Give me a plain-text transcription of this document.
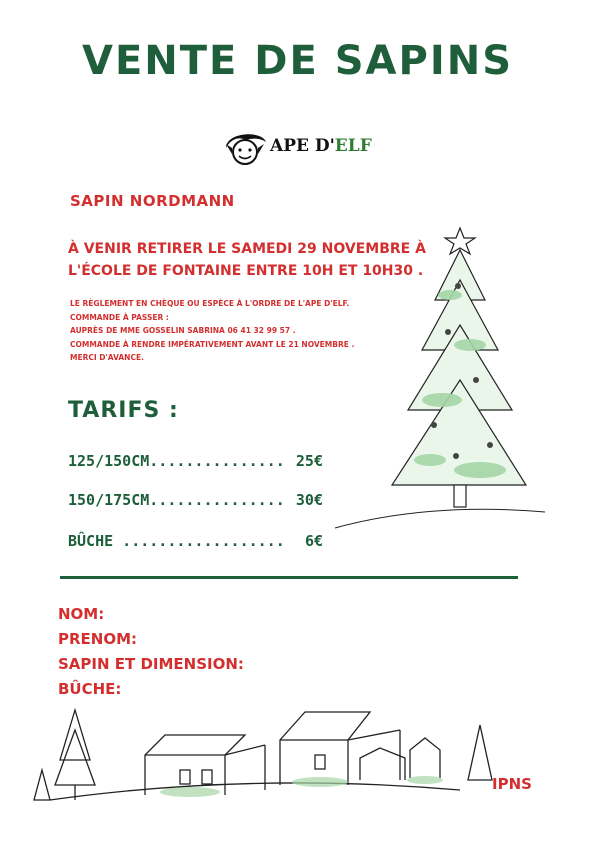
VENTE DE SAPINS
APE D'ELF
SAPIN NORDMANN
À VENIR RETIRER LE SAMEDI 29 NOVEMBRE À L'ÉCOLE DE FONTAINE ENTRE 10H ET 10H30 .
LE RÈGLEMENT EN CHÈQUE OU ESPÈCE À L'ORDRE DE L'APE D'ELF.
COMMANDE À PASSER :
AUPRÈS DE MME GOSSELIN SABRINA 06 41 32 99 57 .
COMMANDE À RENDRE IMPÉRATIVEMENT AVANT LE 21 NOVEMBRE .
MERCI D'AVANCE.
TARIFS :
125/150CM............... 25€
150/175CM............... 30€
BÛCHE .................. 6€
NOM:
PRENOM:
SAPIN ET DIMENSION:
BÛCHE:
IPNS
